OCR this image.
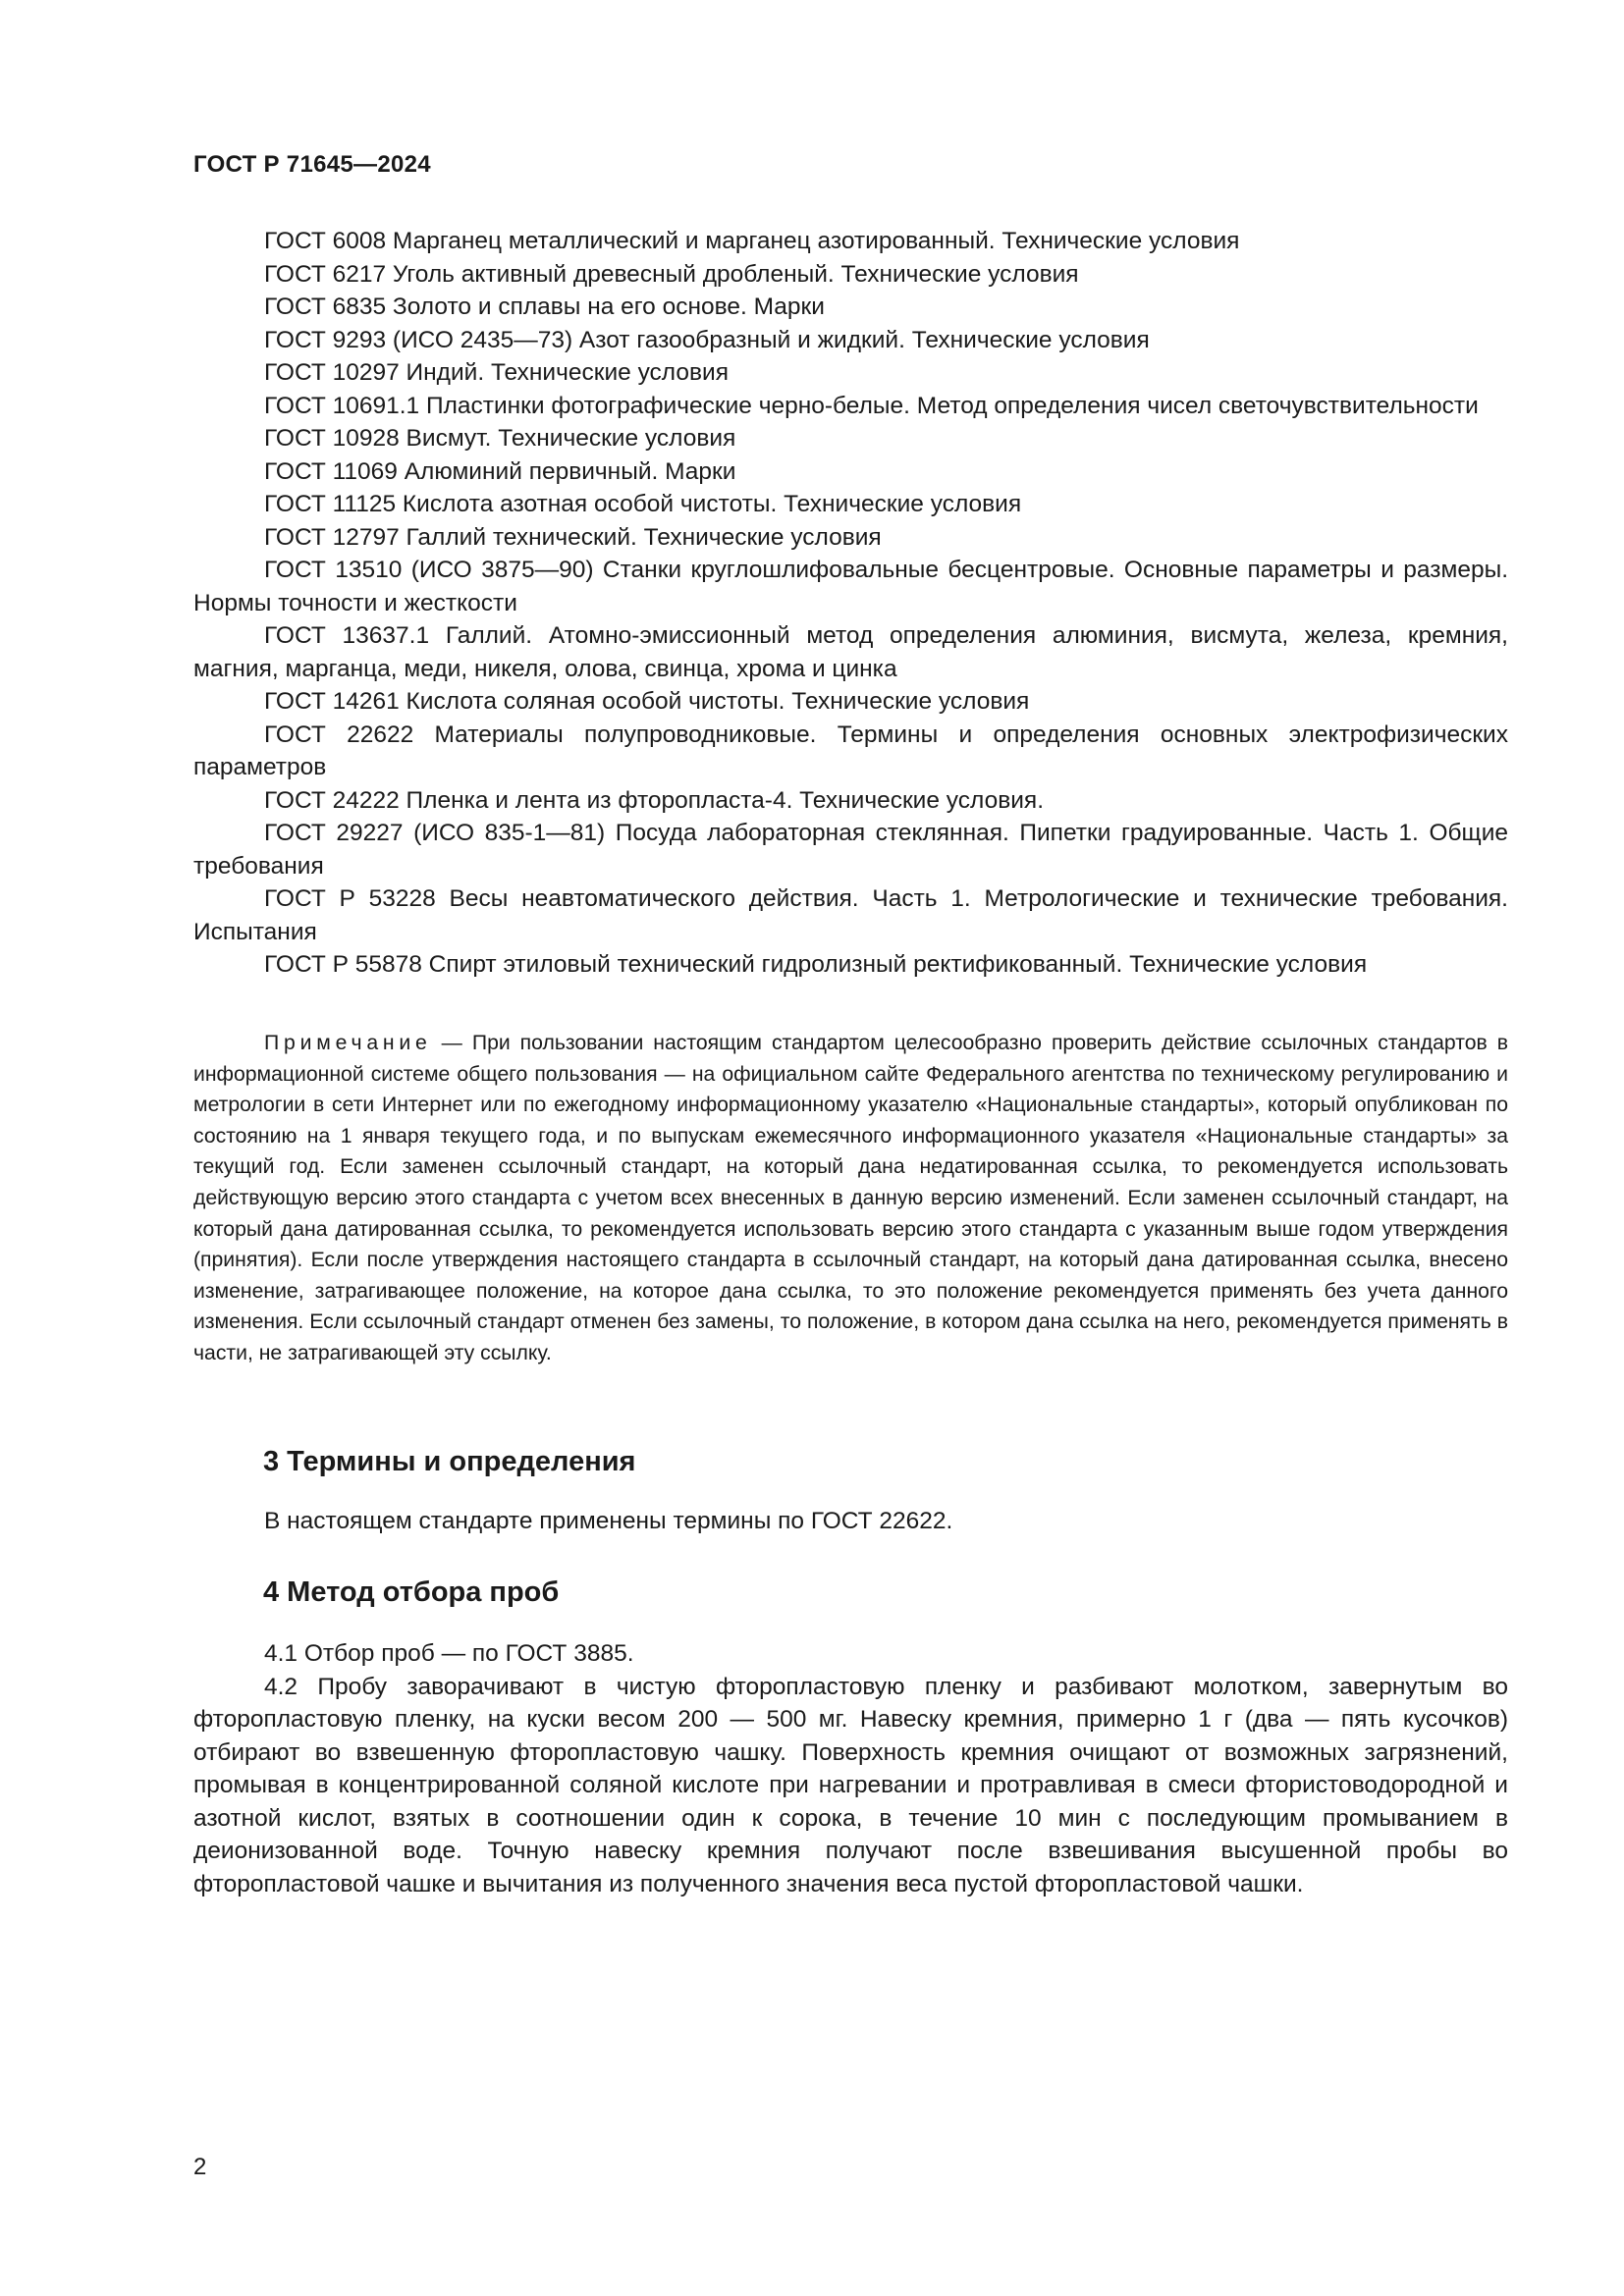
ГОСТ Р 71645—2024

ГОСТ 6008 Марганец металлический и марганец азотированный. Технические условия

ГОСТ 6217 Уголь активный древесный дробленый. Технические условия

ГОСТ 6835 Золото и сплавы на его основе. Марки

ГОСТ 9293 (ИСО 2435—73) Азот газообразный и жидкий. Технические условия

ГОСТ 10297 Индий. Технические условия

ГОСТ 10691.1 Пластинки фотографические черно-белые. Метод определения чисел светочувствительности

ГОСТ 10928 Висмут. Технические условия

ГОСТ 11069 Алюминий первичный. Марки

ГОСТ 11125 Кислота азотная особой чистоты. Технические условия

ГОСТ 12797 Галлий технический. Технические условия

ГОСТ 13510 (ИСО 3875—90) Станки круглошлифовальные бесцентровые. Основные параметры и размеры. Нормы точности и жесткости

ГОСТ 13637.1 Галлий. Атомно-эмиссионный метод определения алюминия, висмута, железа, кремния, магния, марганца, меди, никеля, олова, свинца, хрома и цинка

ГОСТ 14261 Кислота соляная особой чистоты. Технические условия

ГОСТ 22622 Материалы полупроводниковые. Термины и определения основных электрофизических параметров

ГОСТ 24222 Пленка и лента из фторопласта-4. Технические условия.

ГОСТ 29227 (ИСО 835-1—81) Посуда лабораторная стеклянная. Пипетки градуированные. Часть 1. Общие требования

ГОСТ Р 53228 Весы неавтоматического действия. Часть 1. Метрологические и технические требования. Испытания

ГОСТ Р 55878 Спирт этиловый технический гидролизный ректификованный. Технические условия

Примечание — При пользовании настоящим стандартом целесообразно проверить действие ссылочных стандартов в информационной системе общего пользования — на официальном сайте Федерального агентства по техническому регулированию и метрологии в сети Интернет или по ежегодному информационному указателю «Национальные стандарты», который опубликован по состоянию на 1 января текущего года, и по выпускам ежемесячного информационного указателя «Национальные стандарты» за текущий год. Если заменен ссылочный стандарт, на который дана недатированная ссылка, то рекомендуется использовать действующую версию этого стандарта с учетом всех внесенных в данную версию изменений. Если заменен ссылочный стандарт, на который дана датированная ссылка, то рекомендуется использовать версию этого стандарта с указанным выше годом утверждения (принятия). Если после утверждения настоящего стандарта в ссылочный стандарт, на который дана датированная ссылка, внесено изменение, затрагивающее положение, на которое дана ссылка, то это положение рекомендуется применять без учета данного изменения. Если ссылочный стандарт отменен без замены, то положение, в котором дана ссылка на него, рекомендуется применять в части, не затрагивающей эту ссылку.

3 Термины и определения

В настоящем стандарте применены термины по ГОСТ 22622.

4 Метод отбора проб

4.1 Отбор проб — по ГОСТ 3885.

4.2 Пробу заворачивают в чистую фторопластовую пленку и разбивают молотком, завернутым во фторопластовую пленку, на куски весом 200 — 500 мг. Навеску кремния, примерно 1 г (два — пять кусочков) отбирают во взвешенную фторопластовую чашку. Поверхность кремния очищают от возможных загрязнений, промывая в концентрированной соляной кислоте при нагревании и протравливая в смеси фтористоводородной и азотной кислот, взятых в соотношении один к сорока, в течение 10 мин с последующим промыванием в деионизованной воде. Точную навеску кремния получают после взвешивания высушенной пробы во фторопластовой чашке и вычитания из полученного значения веса пустой фторопластовой чашки.

2
